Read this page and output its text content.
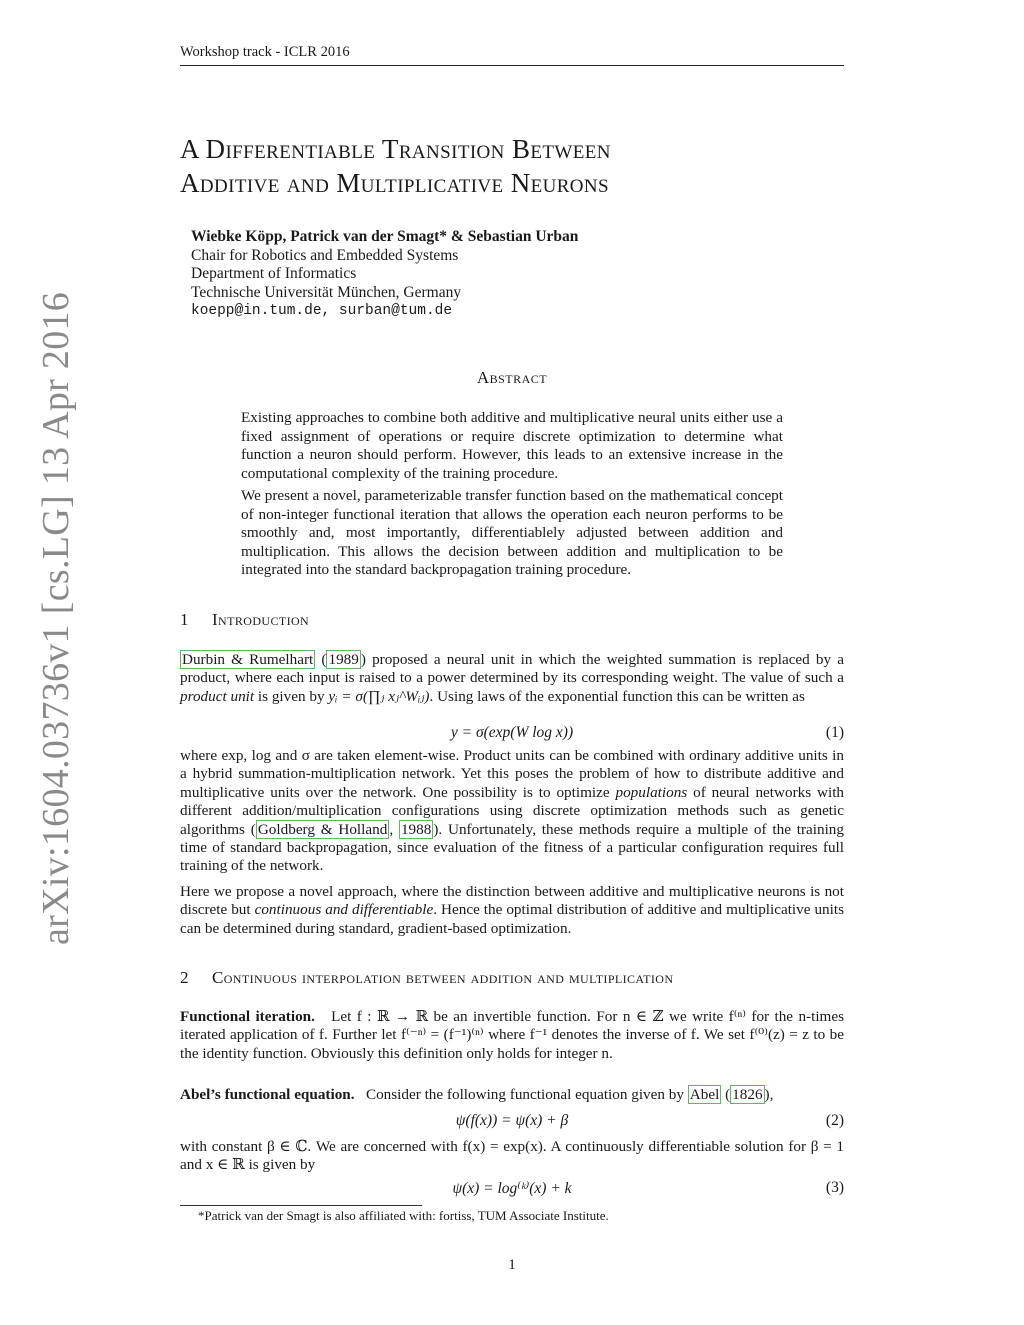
Workshop track - ICLR 2016
arXiv:1604.03736v1 [cs.LG] 13 Apr 2016
A Differentiable Transition Between
Additive and Multiplicative Neurons
Wiebke Köpp, Patrick van der Smagt* & Sebastian Urban
Chair for Robotics and Embedded Systems
Department of Informatics
Technische Universität München, Germany
koepp@in.tum.de, surban@tum.de
Abstract

Existing approaches to combine both additive and multiplicative neural units either use a fixed assignment of operations or require discrete optimization to determine what function a neuron should perform. However, this leads to an extensive increase in the computational complexity of the training procedure.

We present a novel, parameterizable transfer function based on the mathematical concept of non-integer functional iteration that allows the operation each neuron performs to be smoothly and, most importantly, differentiablely adjusted between addition and multiplication. This allows the decision between addition and multiplication to be integrated into the standard backpropagation training procedure.

1 Introduction

Durbin & Rumelhart ( 1989 ) proposed a neural unit in which the weighted summation is replaced by a product, where each input is raised to a power determined by its corresponding weight. The value of such a product unit is given by yᵢ = σ(∏ⱼ xⱼ^Wᵢⱼ). Using laws of the exponential function this can be written as

y = σ(exp(W log x))	(1)

where exp, log and σ are taken element-wise. Product units can be combined with ordinary additive units in a hybrid summation-multiplication network. Yet this poses the problem of how to distribute additive and multiplicative units over the network. One possibility is to optimize populations of neural networks with different addition/multiplication configurations using discrete optimization methods such as genetic algorithms ( Goldberg & Holland , 1988 ). Unfortunately, these methods require a multiple of the training time of standard backpropagation, since evaluation of the fitness of a particular configuration requires full training of the network.

Here we propose a novel approach, where the distinction between additive and multiplicative neurons is not discrete but continuous and differentiable. Hence the optimal distribution of additive and multiplicative units can be determined during standard, gradient-based optimization.

2 Continuous interpolation between addition and multiplication

Functional iteration. Let f : ℝ → ℝ be an invertible function. For n ∈ ℤ we write f⁽ⁿ⁾ for the n-times iterated application of f. Further let f⁽⁻ⁿ⁾ = (f⁻¹)⁽ⁿ⁾ where f⁻¹ denotes the inverse of f. We set f⁽⁰⁾(z) = z to be the identity function. Obviously this definition only holds for integer n.

Abel’s functional equation. Consider the following functional equation given by Abel ( 1826 ),

ψ(f(x)) = ψ(x) + β	(2)

with constant β ∈ ℂ. We are concerned with f(x) = exp(x). A continuously differentiable solution for β = 1 and x ∈ ℝ is given by

ψ(x) = log⁽ᵏ⁾(x) + k	(3)
*Patrick van der Smagt is also affiliated with: fortiss, TUM Associate Institute.
1
